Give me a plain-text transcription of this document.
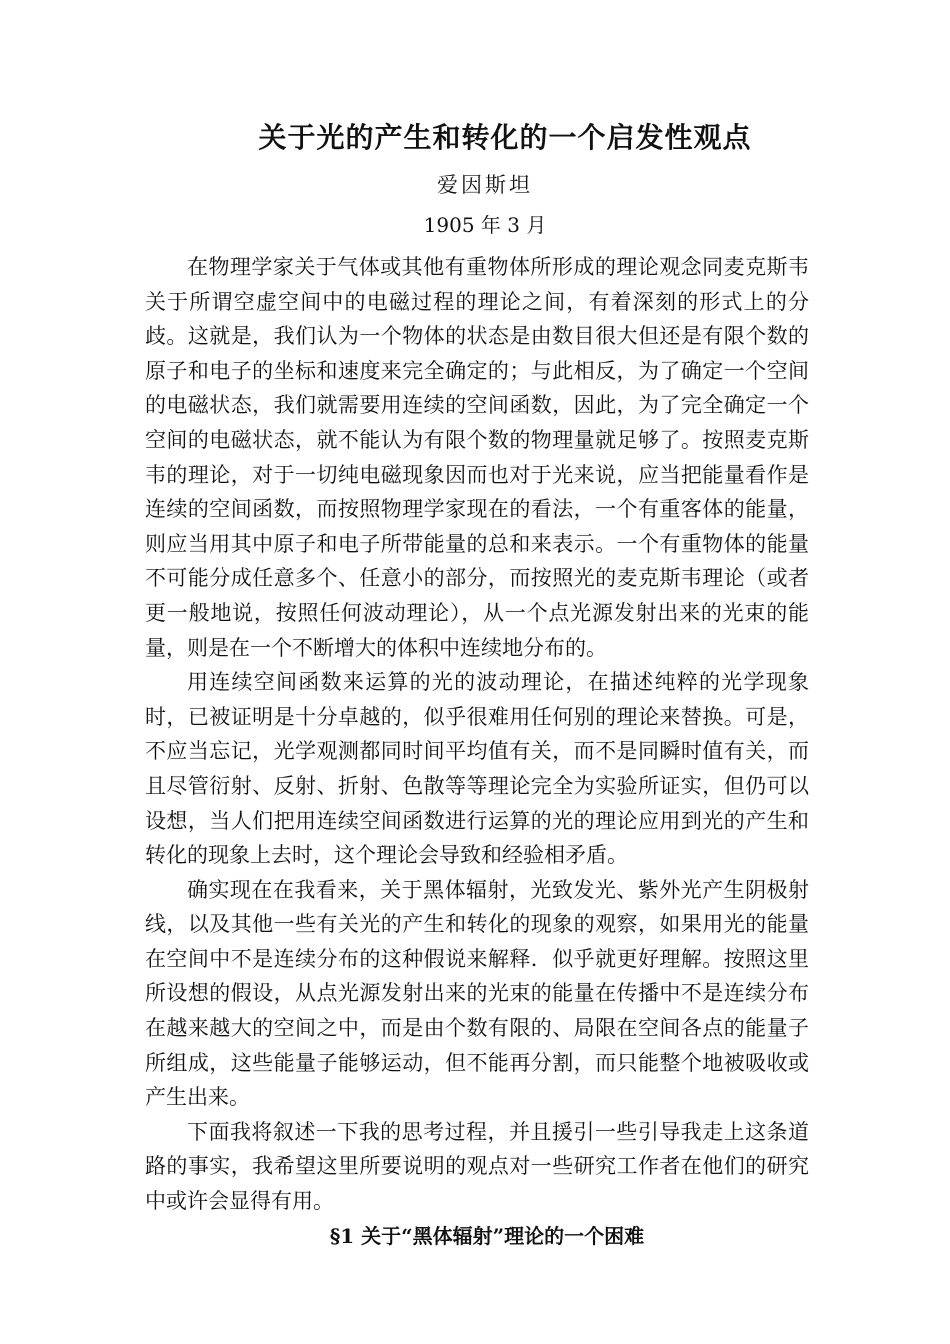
关于光的产生和转化的一个启发性观点
爱因斯坦
1905 年 3 月

在物理学家关于气体或其他有重物体所形成的理论观念同麦克斯韦关于所谓空虚空间中的电磁过程的理论之间，有着深刻的形式上的分歧。这就是，我们认为一个物体的状态是由数目很大但还是有限个数的原子和电子的坐标和速度来完全确定的；与此相反，为了确定一个空间的电磁状态，我们就需要用连续的空间函数，因此，为了完全确定一个空间的电磁状态，就不能认为有限个数的物理量就足够了。按照麦克斯韦的理论，对于一切纯电磁现象因而也对于光来说，应当把能量看作是连续的空间函数，而按照物理学家现在的看法，一个有重客体的能量，则应当用其中原子和电子所带能量的总和来表示。一个有重物体的能量不可能分成任意多个、任意小的部分，而按照光的麦克斯韦理论（或者更一般地说，按照任何波动理论），从一个点光源发射出来的光束的能量，则是在一个不断增大的体积中连续地分布的。

用连续空间函数来运算的光的波动理论，在描述纯粹的光学现象时，已被证明是十分卓越的，似乎很难用任何别的理论来替换。可是，不应当忘记，光学观测都同时间平均值有关，而不是同瞬时值有关，而且尽管衍射、反射、折射、色散等等理论完全为实验所证实，但仍可以设想，当人们把用连续空间函数进行运算的光的理论应用到光的产生和转化的现象上去时，这个理论会导致和经验相矛盾。

确实现在在我看来，关于黑体辐射，光致发光、紫外光产生阴极射线，以及其他一些有关光的产生和转化的现象的观察，如果用光的能量在空间中不是连续分布的这种假说来解释．似乎就更好理解。按照这里所设想的假设，从点光源发射出来的光束的能量在传播中不是连续分布在越来越大的空间之中，而是由个数有限的、局限在空间各点的能量子所组成，这些能量子能够运动，但不能再分割，而只能整个地被吸收或产生出来。

下面我将叙述一下我的思考过程，并且援引一些引导我走上这条道路的事实，我希望这里所要说明的观点对一些研究工作者在他们的研究中或许会显得有用。

§1 关于“黑体辐射”理论的一个困难
